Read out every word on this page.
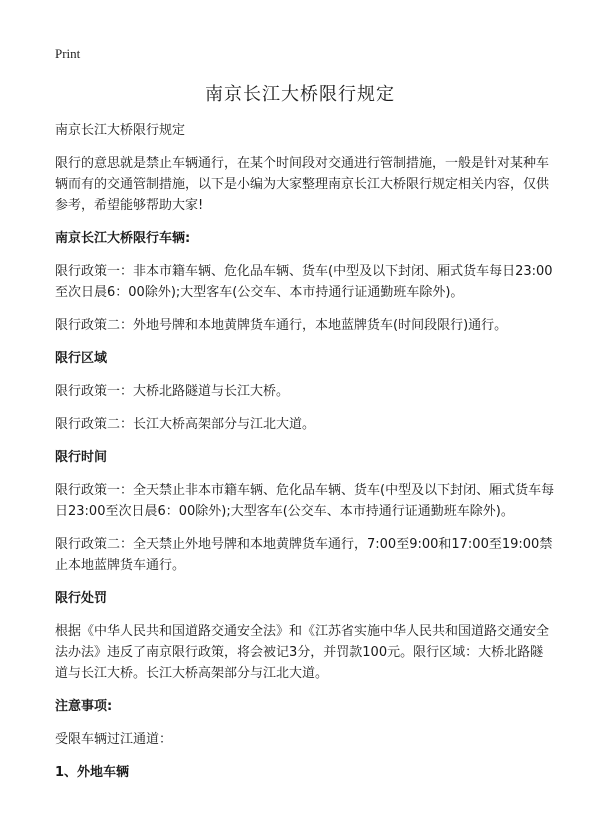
Print
南京长江大桥限行规定

南京长江大桥限行规定

限行的意思就是禁止车辆通行，在某个时间段对交通进行管制措施，一般是针对某种车辆而有的交通管制措施，以下是小编为大家整理南京长江大桥限行规定相关内容，仅供参考，希望能够帮助大家!

南京长江大桥限行车辆:

限行政策一：非本市籍车辆、危化品车辆、货车(中型及以下封闭、厢式货车每日23:00至次日晨6：00除外);大型客车(公交车、本市持通行证通勤班车除外)。

限行政策二：外地号牌和本地黄牌货车通行，本地蓝牌货车(时间段限行)通行。

限行区域

限行政策一：大桥北路隧道与长江大桥。

限行政策二：长江大桥高架部分与江北大道。

限行时间

限行政策一：全天禁止非本市籍车辆、危化品车辆、货车(中型及以下封闭、厢式货车每日23:00至次日晨6：00除外);大型客车(公交车、本市持通行证通勤班车除外)。

限行政策二：全天禁止外地号牌和本地黄牌货车通行，7:00至9:00和17:00至19:00禁止本地蓝牌货车通行。

限行处罚

根据《中华人民共和国道路交通安全法》和《江苏省实施中华人民共和国道路交通安全法办法》违反了南京限行政策，将会被记3分，并罚款100元。限行区域：大桥北路隧道与长江大桥。长江大桥高架部分与江北大道。

注意事项:

受限车辆过江通道：

1、外地车辆
